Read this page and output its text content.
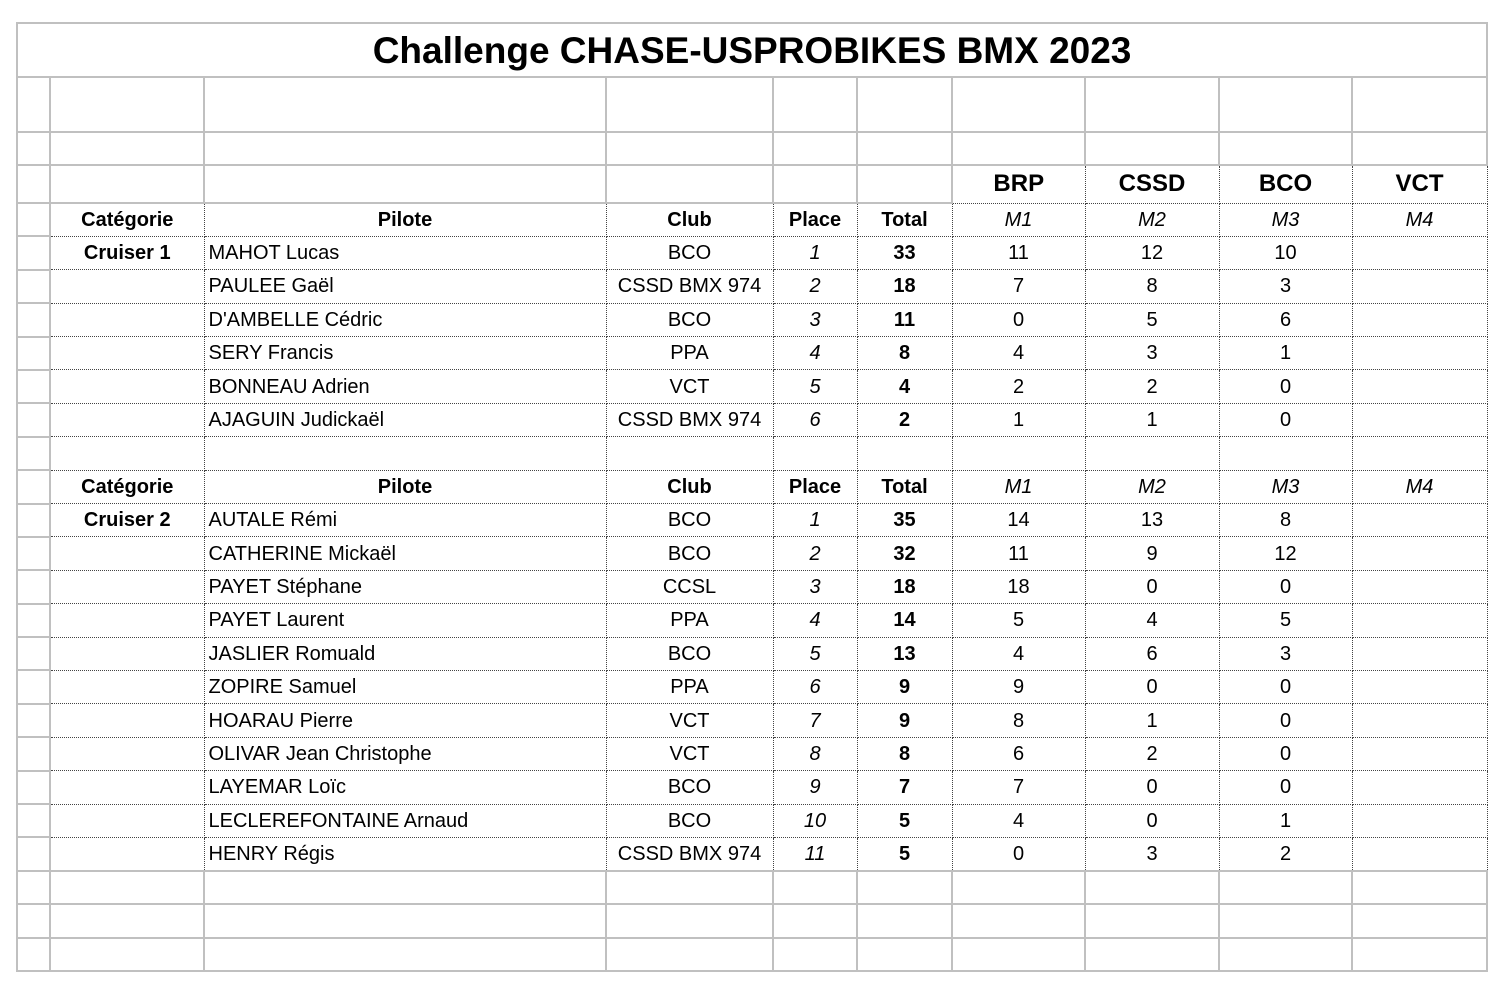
Challenge CHASE-USPROBIKES BMX 2023									

						BRP	CSSD	BCO	VCT
	Catégorie	Pilote	Club	Place	Total	M1	M2	M3	M4
	Cruiser 1	MAHOT Lucas	BCO	1	33	11	12	10	
		PAULEE Gaël	CSSD BMX 974	2	18	7	8	3	
		D'AMBELLE Cédric	BCO	3	11	0	5	6	
		SERY Francis	PPA	4	8	4	3	1	
		BONNEAU Adrien	VCT	5	4	2	2	0	
		AJAGUIN Judickaël	CSSD BMX 974	6	2	1	1	0	

	Catégorie	Pilote	Club	Place	Total	M1	M2	M3	M4
	Cruiser 2	AUTALE Rémi	BCO	1	35	14	13	8	
		CATHERINE Mickaël	BCO	2	32	11	9	12	
		PAYET Stéphane	CCSL	3	18	18	0	0	
		PAYET Laurent	PPA	4	14	5	4	5	
		JASLIER Romuald	BCO	5	13	4	6	3	
		ZOPIRE Samuel	PPA	6	9	9	0	0	
		HOARAU Pierre	VCT	7	9	8	1	0	
		OLIVAR Jean Christophe	VCT	8	8	6	2	0	
		LAYEMAR Loïc	BCO	9	7	7	0	0	
		LECLEREFONTAINE Arnaud	BCO	10	5	4	0	1	
		HENRY Régis	CSSD BMX 974	11	5	0	3	2	
